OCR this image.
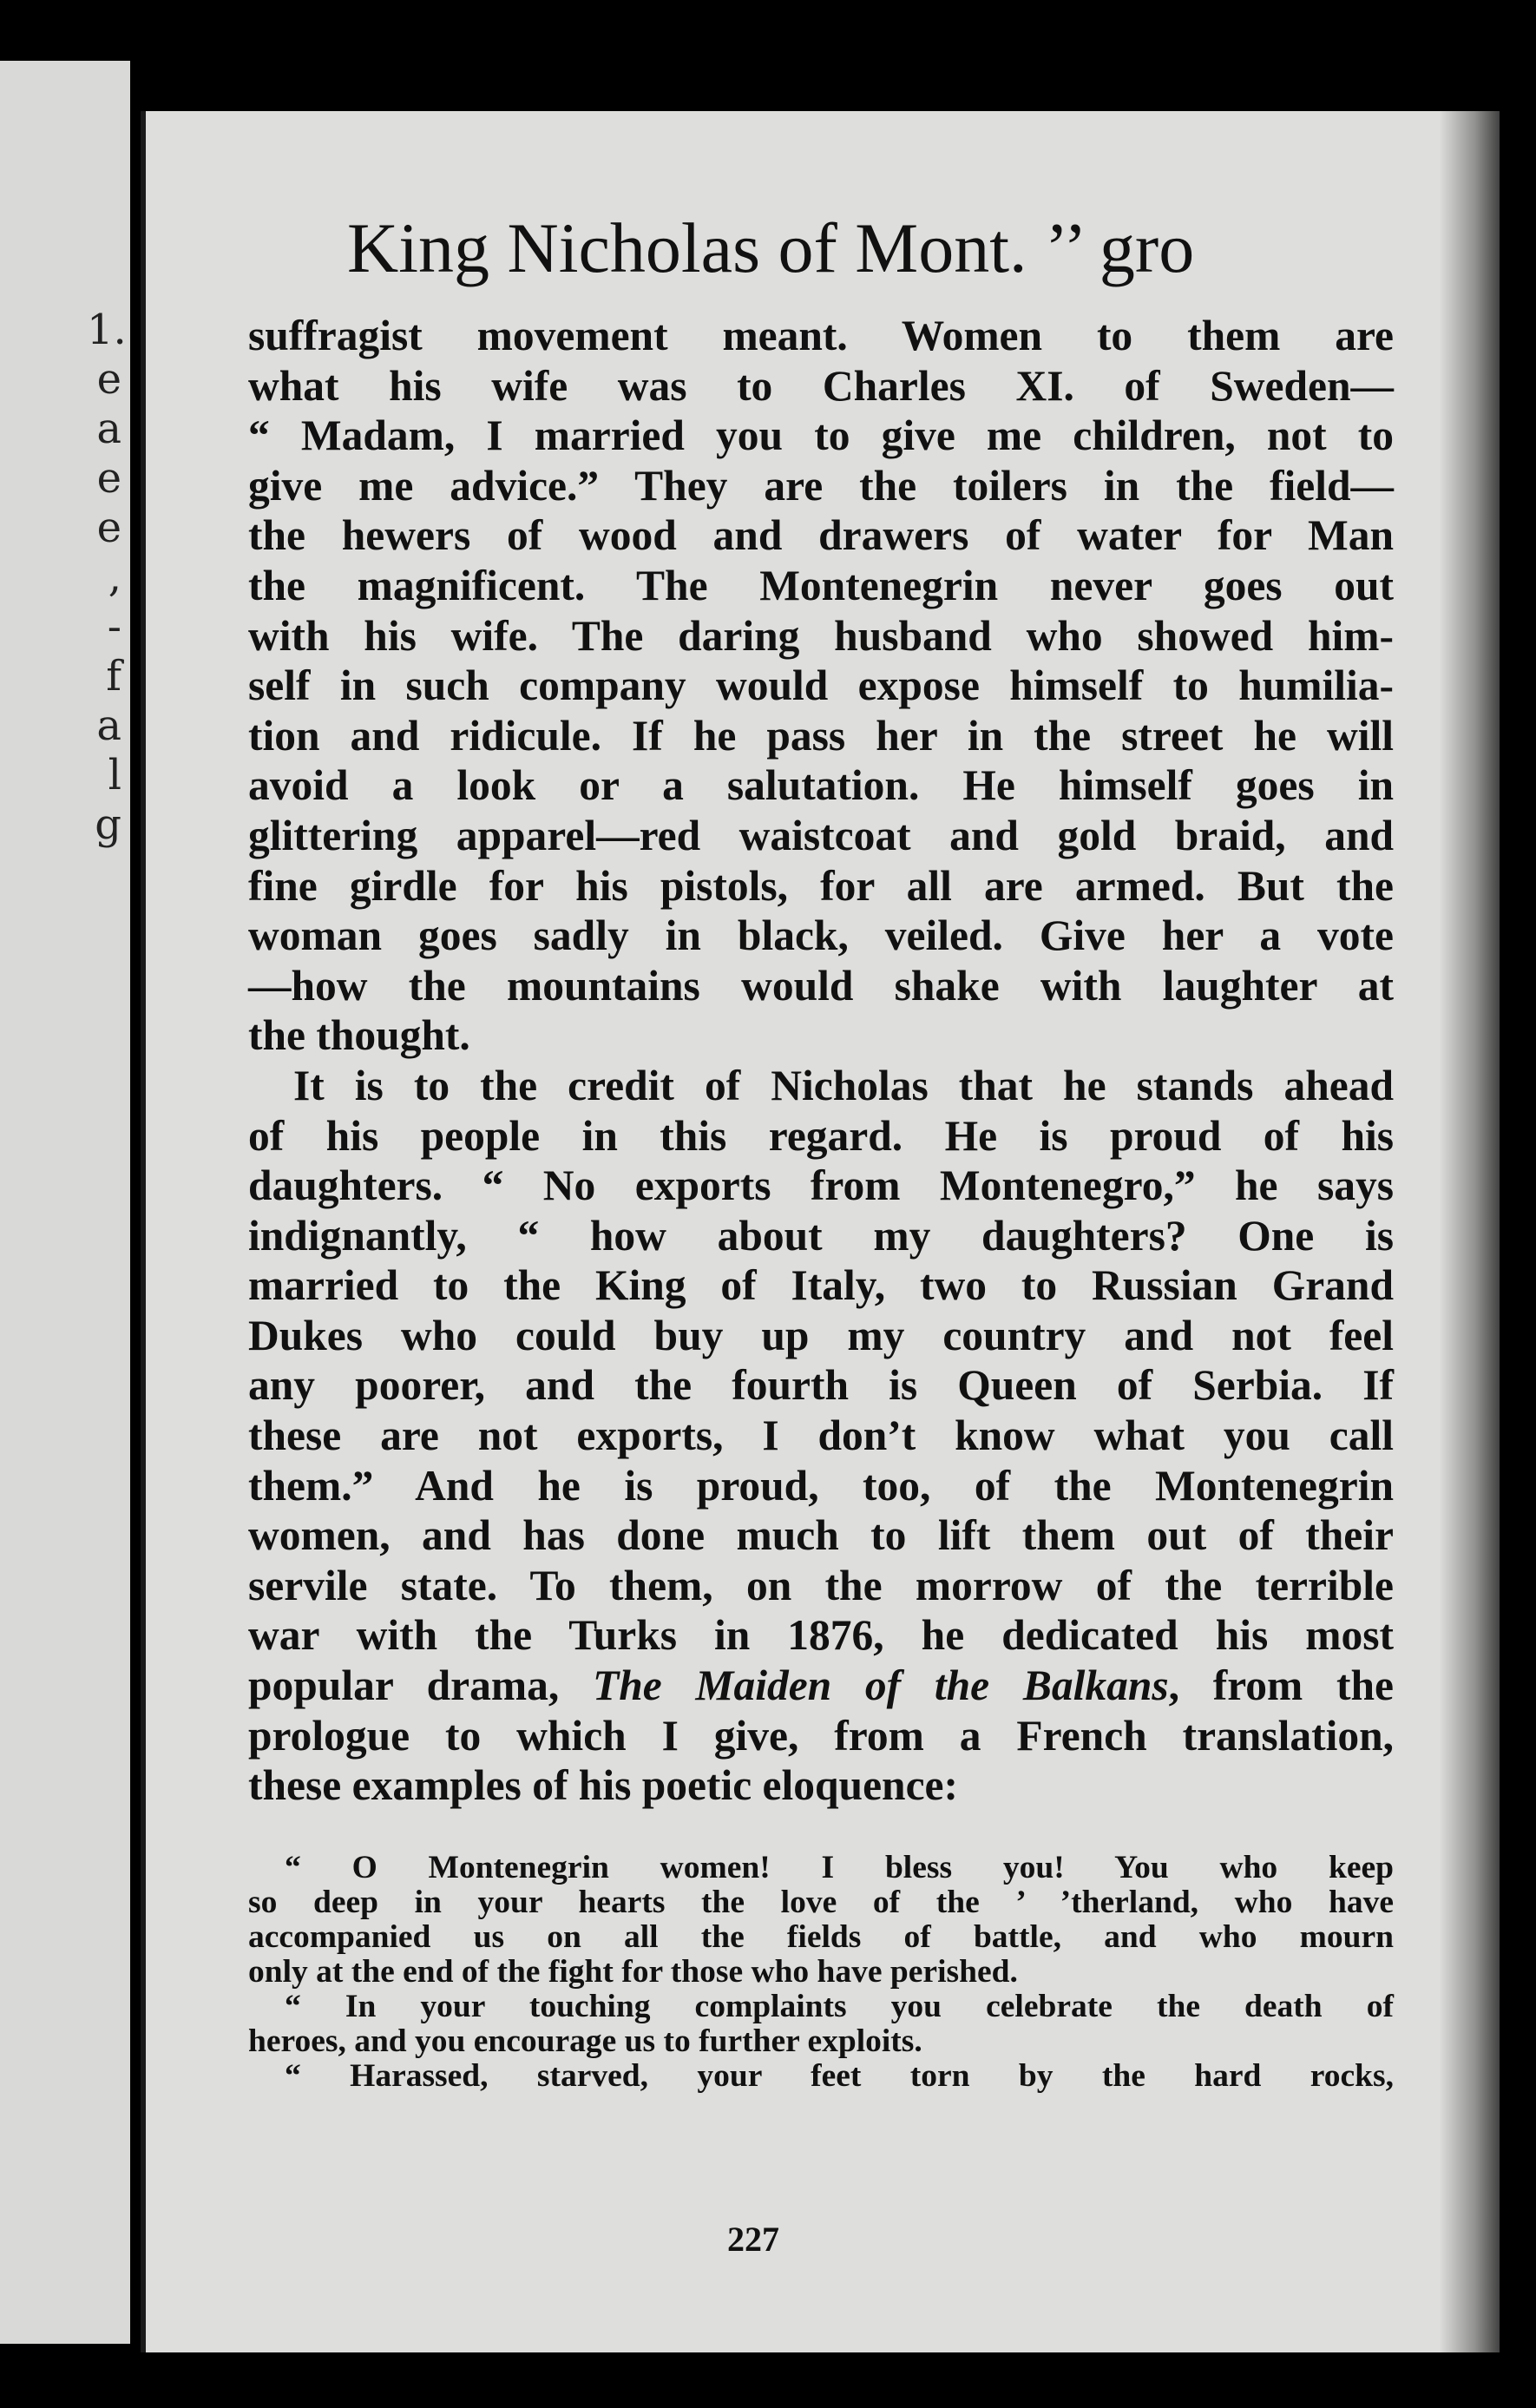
1.
e
a
e
e
,
-
f
a
l
g
King Nicholas of Mont. ’’ gro
suffragist movement meant. Women to them are
what his wife was to Charles XI. of Sweden—
“ Madam, I married you to give me children, not to
give me advice.” They are the toilers in the field—
the hewers of wood and drawers of water for Man
the magnificent. The Montenegrin never goes out
with his wife. The daring husband who showed him-
self in such company would expose himself to humilia-
tion and ridicule. If he pass her in the street he will
avoid a look or a salutation. He himself goes in
glittering apparel—red waistcoat and gold braid, and
fine girdle for his pistols, for all are armed. But the
woman goes sadly in black, veiled. Give her a vote
—how the mountains would shake with laughter at
the thought.
It is to the credit of Nicholas that he stands ahead
of his people in this regard. He is proud of his
daughters. “ No exports from Montenegro,” he says
indignantly, “ how about my daughters? One is
married to the King of Italy, two to Russian Grand
Dukes who could buy up my country and not feel
any poorer, and the fourth is Queen of Serbia. If
these are not exports, I don’t know what you call
them.” And he is proud, too, of the Montenegrin
women, and has done much to lift them out of their
servile state. To them, on the morrow of the terrible
war with the Turks in 1876, he dedicated his most
popular drama, The Maiden of the Balkans, from the
prologue to which I give, from a French translation,
these examples of his poetic eloquence:
“ O Montenegrin women! I bless you! You who keep
so deep in your hearts the love of the ’ ’therland, who have
accompanied us on all the fields of battle, and who mourn
only at the end of the fight for those who have perished.
“ In your touching complaints you celebrate the death of
heroes, and you encourage us to further exploits.
“ Harassed, starved, your feet torn by the hard rocks,
227
